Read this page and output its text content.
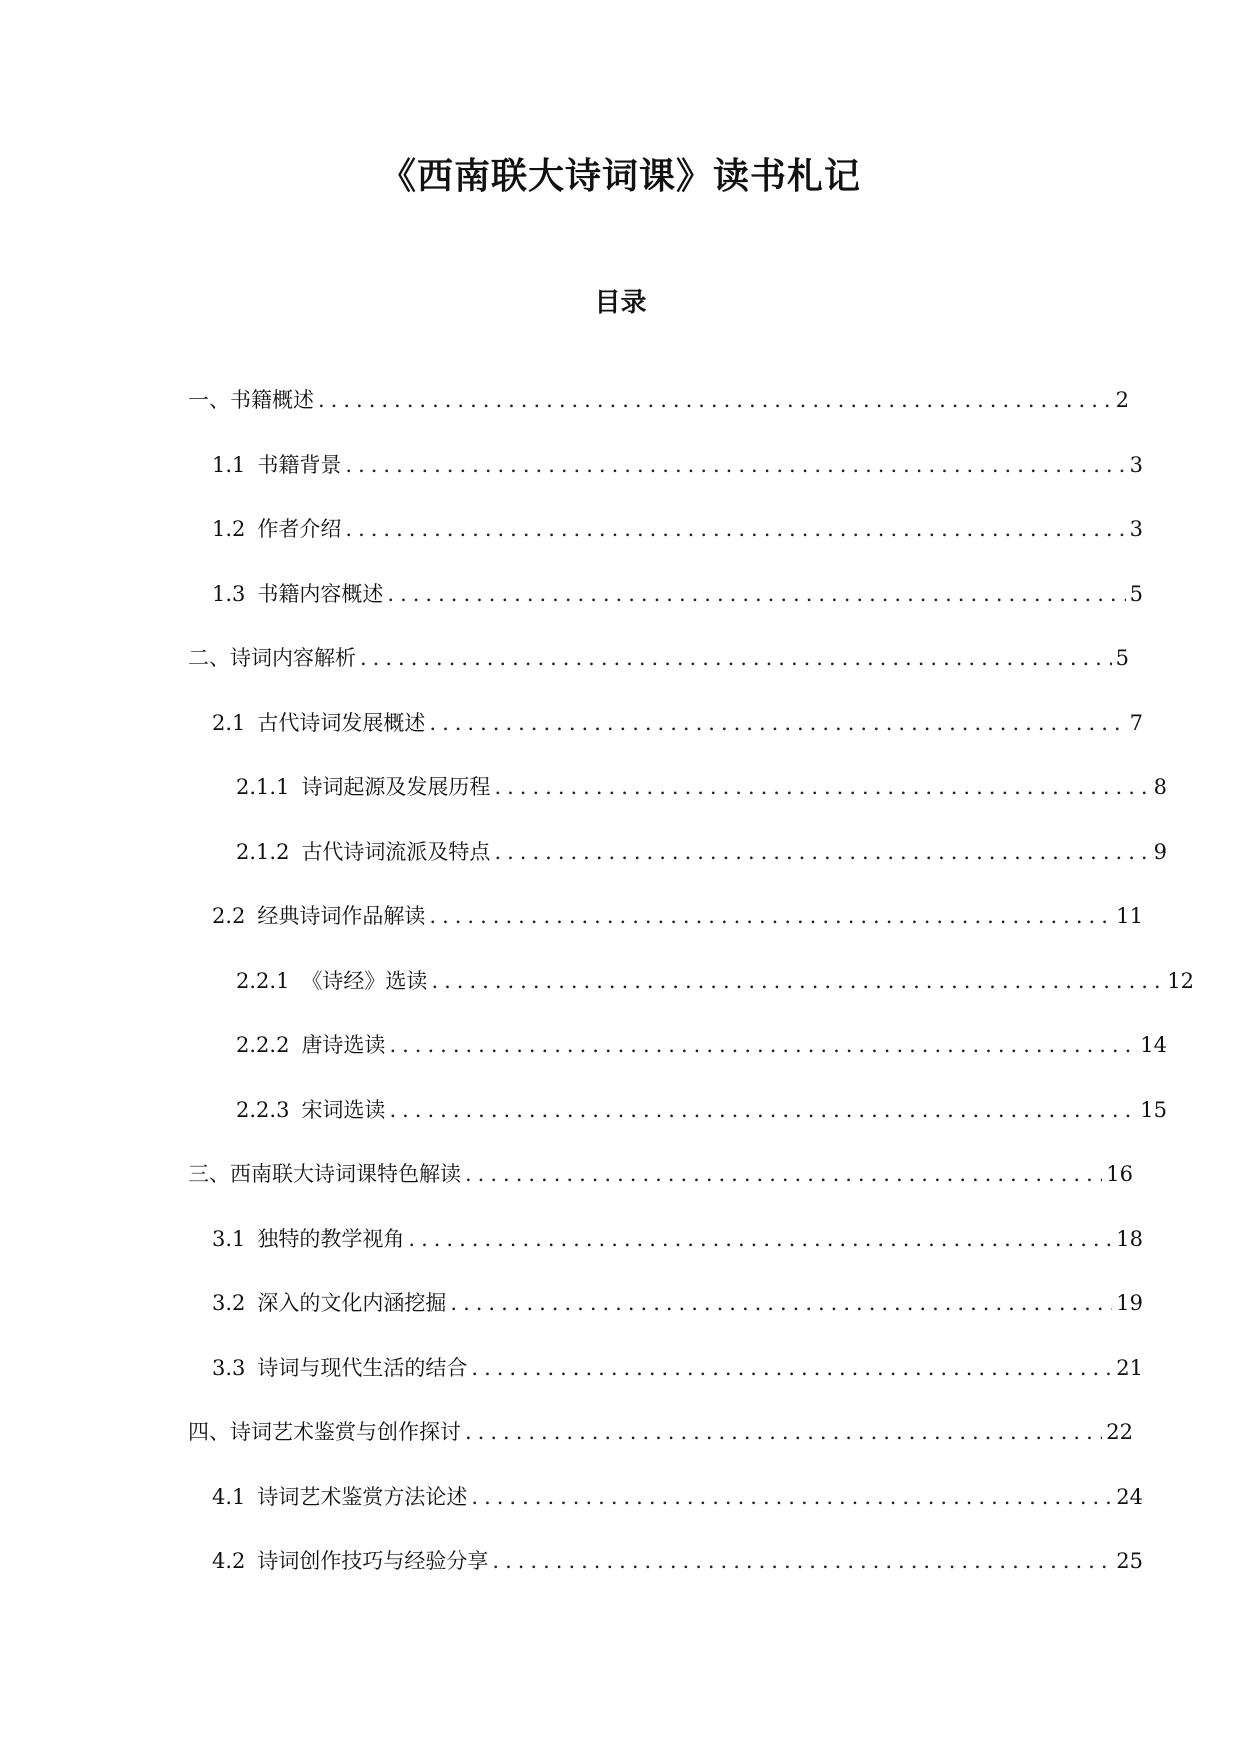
《西南联大诗词课》读书札记
目录
一、书籍概述 .....	2
1.1 书籍背景 .....	3
1.2 作者介绍 .....	3
1.3 书籍内容概述 .....	5
二、诗词内容解析 .....	5
2.1 古代诗词发展概述 .....	7
2.1.1 诗词起源及发展历程 .....	8
2.1.2 古代诗词流派及特点 .....	9
2.2 经典诗词作品解读 .....	11
2.2.1 《诗经》选读 .....	12
2.2.2 唐诗选读 .....	14
2.2.3 宋词选读 .....	15
三、西南联大诗词课特色解读 .....	16
3.1 独特的教学视角 .....	18
3.2 深入的文化内涵挖掘 .....	19
3.3 诗词与现代生活的结合 .....	21
四、诗词艺术鉴赏与创作探讨 .....	22
4.1 诗词艺术鉴赏方法论述 .....	24
4.2 诗词创作技巧与经验分享 .....	25
